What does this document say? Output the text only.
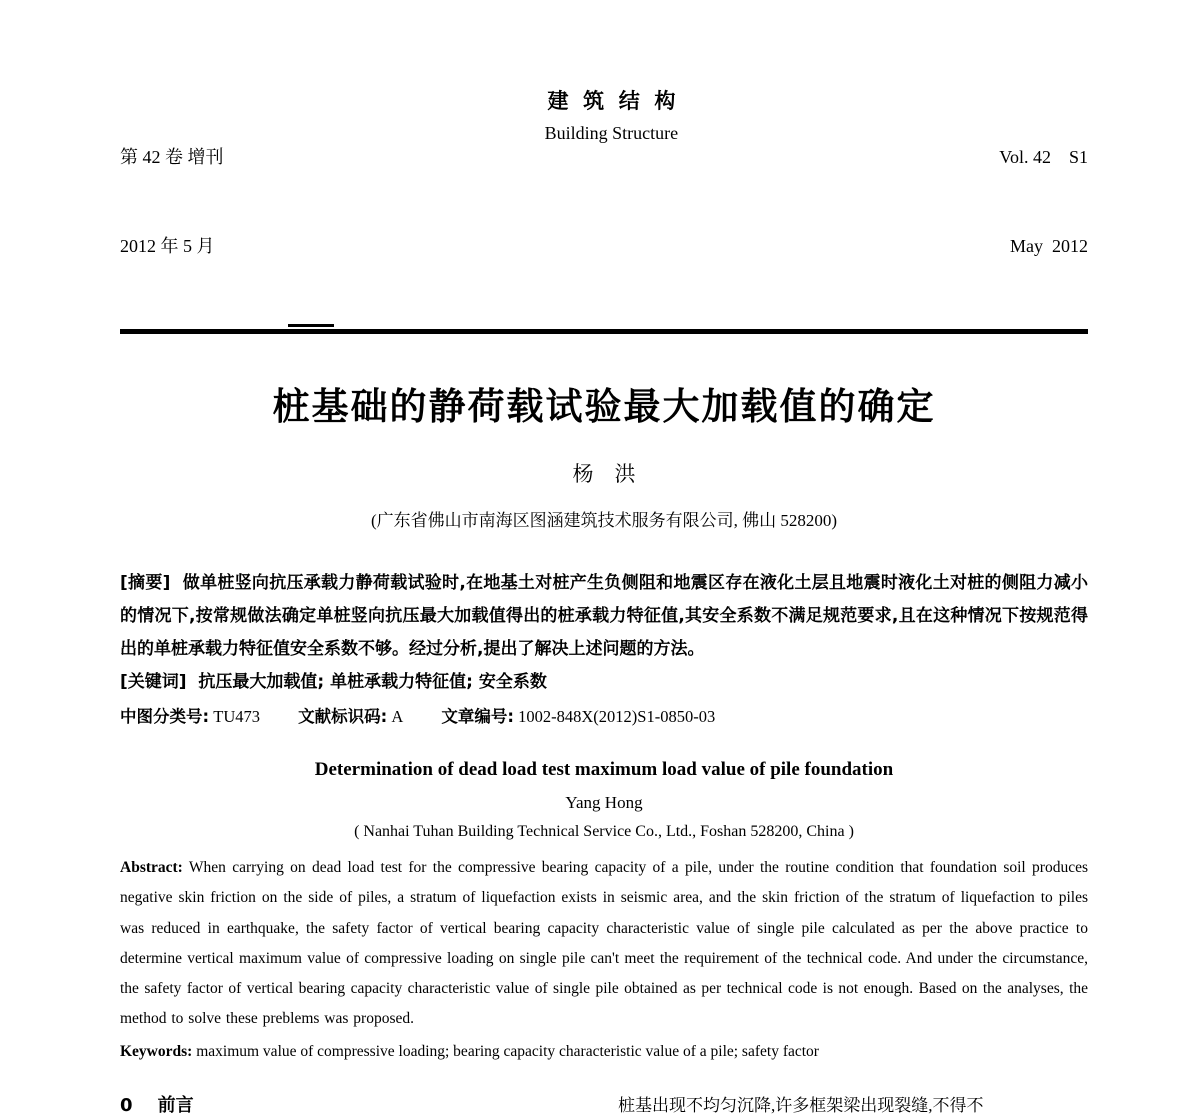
第 42 卷 增刊

2012 年 5 月

建  筑  结  构
Building Structure

Vol. 42    S1

May  2012

桩基础的静荷载试验最大加载值的确定
杨    洪
(广东省佛山市南海区图涵建筑技术服务有限公司, 佛山 528200)

[摘要] 做单桩竖向抗压承载力静荷载试验时,在地基土对桩产生负侧阻和地震区存在液化土层且地震时液化土对桩的侧阻力减小的情况下,按常规做法确定单桩竖向抗压最大加载值得出的桩承载力特征值,其安全系数不满足规范要求,且在这种情况下按规范得出的单桩承载力特征值安全系数不够。经过分析,提出了解决上述问题的方法。

[关键词] 抗压最大加载值; 单桩承载力特征值; 安全系数

中图分类号: TU473 文献标识码: A 文章编号: 1002-848X(2012)S1-0850-03

Determination of dead load test maximum load value of pile foundation
Yang Hong
( Nanhai Tuhan Building Technical Service Co., Ltd., Foshan 528200, China )

Abstract: When carrying on dead load test for the compressive bearing capacity of a pile, under the routine condition that foundation soil produces negative skin friction on the side of piles, a stratum of liquefaction exists in seismic area, and the skin friction of the stratum of liquefaction to piles was reduced in earthquake, the safety factor of vertical bearing capacity characteristic value of single pile calculated as per the above practice to determine vertical maximum value of compressive loading on single pile can't meet the requirement of the technical code. And under the circumstance, the safety factor of vertical bearing capacity characteristic value of single pile obtained as per technical code is not enough. Based on the analyses, the method to solve these preblems was proposed.

Keywords: maximum value of compressive loading; bearing capacity characteristic value of a pile; safety factor

0    前言	桩基出现不均匀沉降,许多框架梁出现裂缝,不得不
